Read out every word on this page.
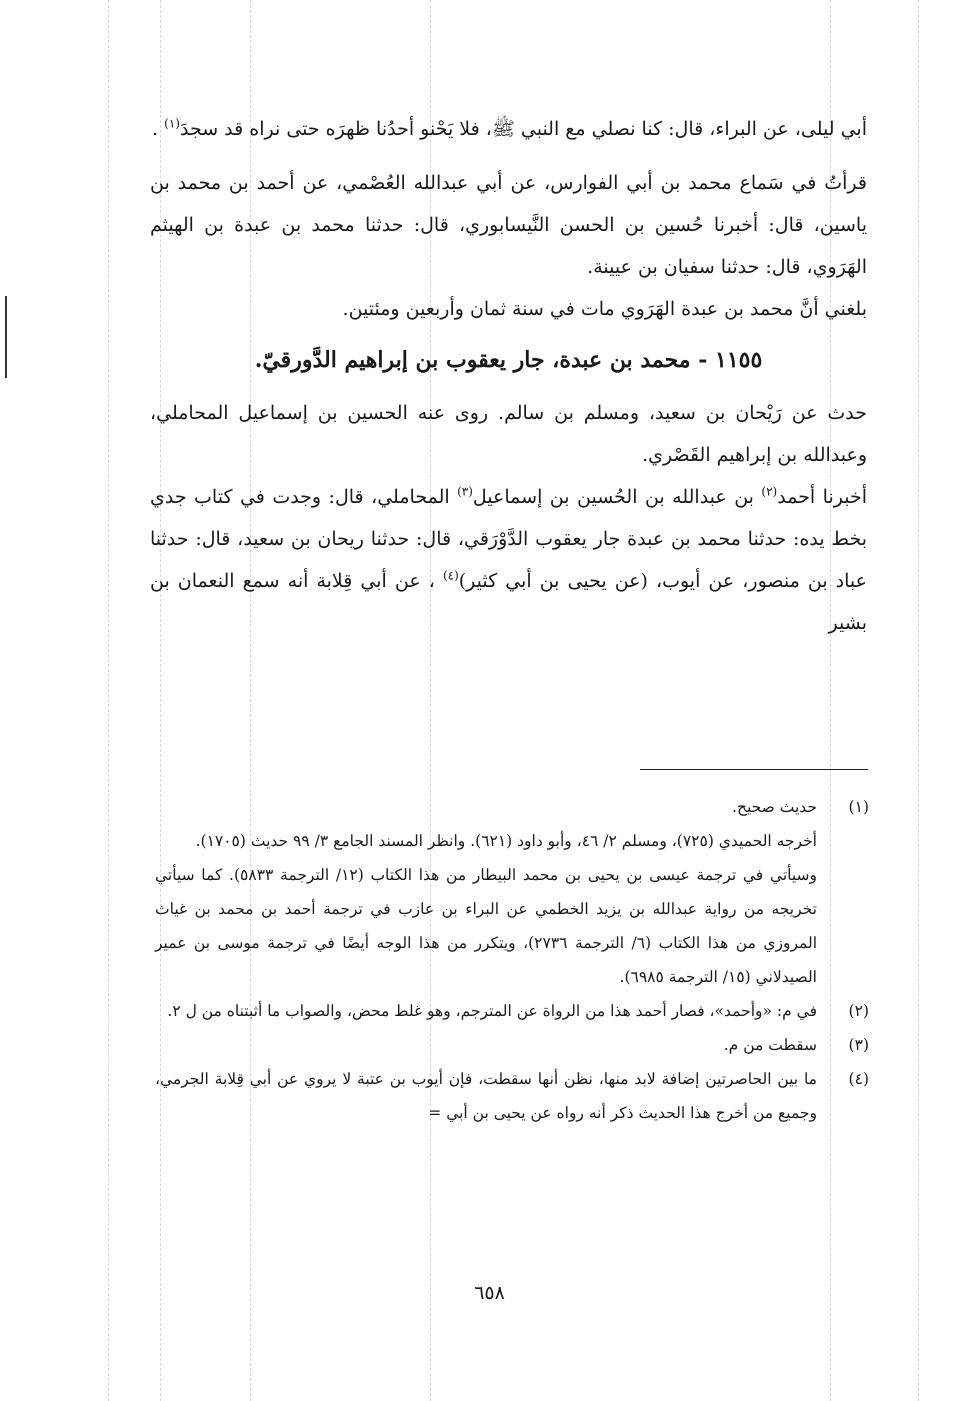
أبي ليلى، عن البراء، قال: كنا نصلي مع النبي ﷺ، فلا يَحْنو أحدُنا ظهرَه حتى نراه قد سجدَ$^{(١)}$ .

قرأتُ في سَماع محمد بن أبي الفوارس، عن أبي عبدالله العُصْمي، عن أحمد بن محمد بن ياسين، قال: أخبرنا حُسين بن الحسن النَّيسابوري، قال: حدثنا محمد بن عبدة بن الهيثم الهَرَوي، قال: حدثنا سفيان بن عيينة.

بلغني أنَّ محمد بن عبدة الهَرَوي مات في سنة ثمان وأربعين ومئتين.

١١٥٥ - محمد بن عبدة، جار يعقوب بن إبراهيم الدَّورقيّ.

حدث عن رَيْحان بن سعيد، ومسلم بن سالم. روى عنه الحسين بن إسماعيل المحاملي، وعبدالله بن إبراهيم القَصْري.

أخبرنا أحمد$^{(٢)}$ بن عبدالله بن الحُسين بن إسماعيل$^{(٣)}$ المحاملي، قال: وجدت في كتاب جدي بخط يده: حدثنا محمد بن عبدة جار يعقوب الدَّوْرَقي، قال: حدثنا ريحان بن سعيد، قال: حدثنا عباد بن منصور، عن أيوب، (عن يحيى بن أبي كثير)$^{(٤)}$ ، عن أبي قِلابة أنه سمع النعمان بن بشير

(١)

حديث صحيح.

أخرجه الحميدي (٧٢٥)، ومسلم ٢/ ٤٦، وأبو داود (٦٢١). وانظر المسند الجامع ٣/ ٩٩ حديث (١٧٠٥).

وسيأتي في ترجمة عيسى بن يحيى بن محمد البيطار من هذا الكتاب (١٢/ الترجمة ٥٨٣٣). كما سيأتي تخريجه من رواية عبدالله بن يزيد الخطمي عن البراء بن عازب في ترجمة أحمد بن محمد بن غياث المروزي من هذا الكتاب (٦/ الترجمة ٢٧٣٦)، ويتكرر من هذا الوجه أيضًا في ترجمة موسى بن عمير الصيدلاني (١٥/ الترجمة ٦٩٨٥).

(٢)

في م: «وأحمد»، فصار أحمد هذا من الرواة عن المترجم، وهو غلط محض، والصواب ما أثبتناه من ل ٢.

(٣)

سقطت من م.

(٤)

ما بين الحاصرتين إضافة لابد منها، نظن أنها سقطت، فإن أيوب بن عتبة لا يروي عن أبي قِلابة الجرمي، وجميع من أخرج هذا الحديث ذكر أنه رواه عن يحيى بن أبي =

٦٥٨
